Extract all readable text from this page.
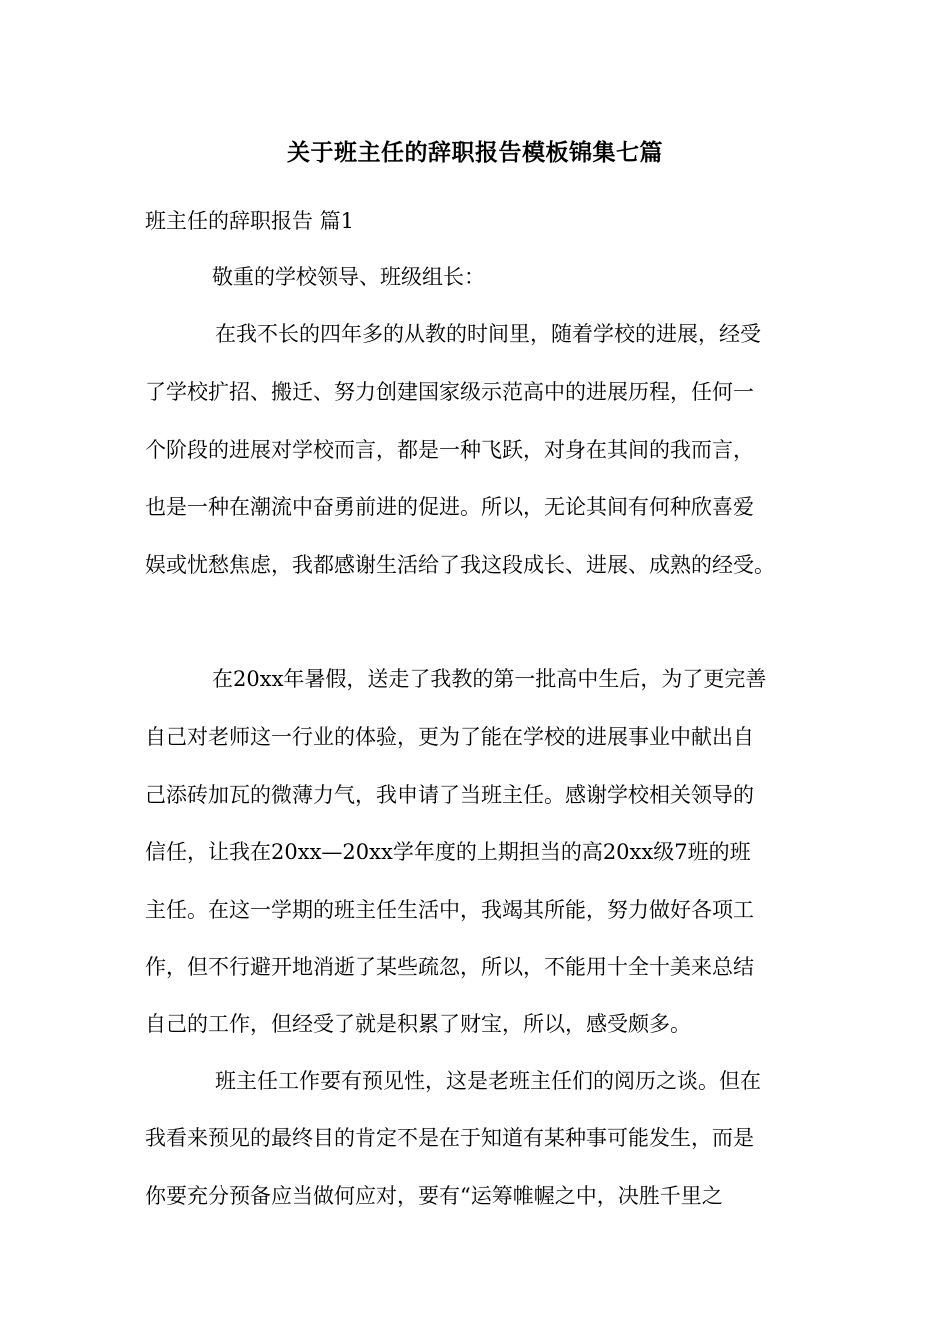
关于班主任的辞职报告模板锦集七篇

班主任的辞职报告 篇1

敬重的学校领导、班级组长：

在我不长的四年多的从教的时间里，随着学校的进展，经受

了学校扩招、搬迁、努力创建国家级示范高中的进展历程，任何一

个阶段的进展对学校而言，都是一种飞跃，对身在其间的我而言，

也是一种在潮流中奋勇前进的促进。所以，无论其间有何种欣喜爱

娱或忧愁焦虑，我都感谢生活给了我这段成长、进展、成熟的经受。

在20xx年暑假，送走了我教的第一批高中生后，为了更完善

自己对老师这一行业的体验，更为了能在学校的进展事业中献出自

己添砖加瓦的微薄力气，我申请了当班主任。感谢学校相关领导的

信任，让我在20xx—20xx学年度的上期担当的高20xx级7班的班

主任。在这一学期的班主任生活中，我竭其所能，努力做好各项工

作，但不行避开地消逝了某些疏忽，所以，不能用十全十美来总结

自己的工作，但经受了就是积累了财宝，所以，感受颇多。

班主任工作要有预见性，这是老班主任们的阅历之谈。但在

我看来预见的最终目的肯定不是在于知道有某种事可能发生，而是

你要充分预备应当做何应对，要有“运筹帷幄之中，决胜千里之
